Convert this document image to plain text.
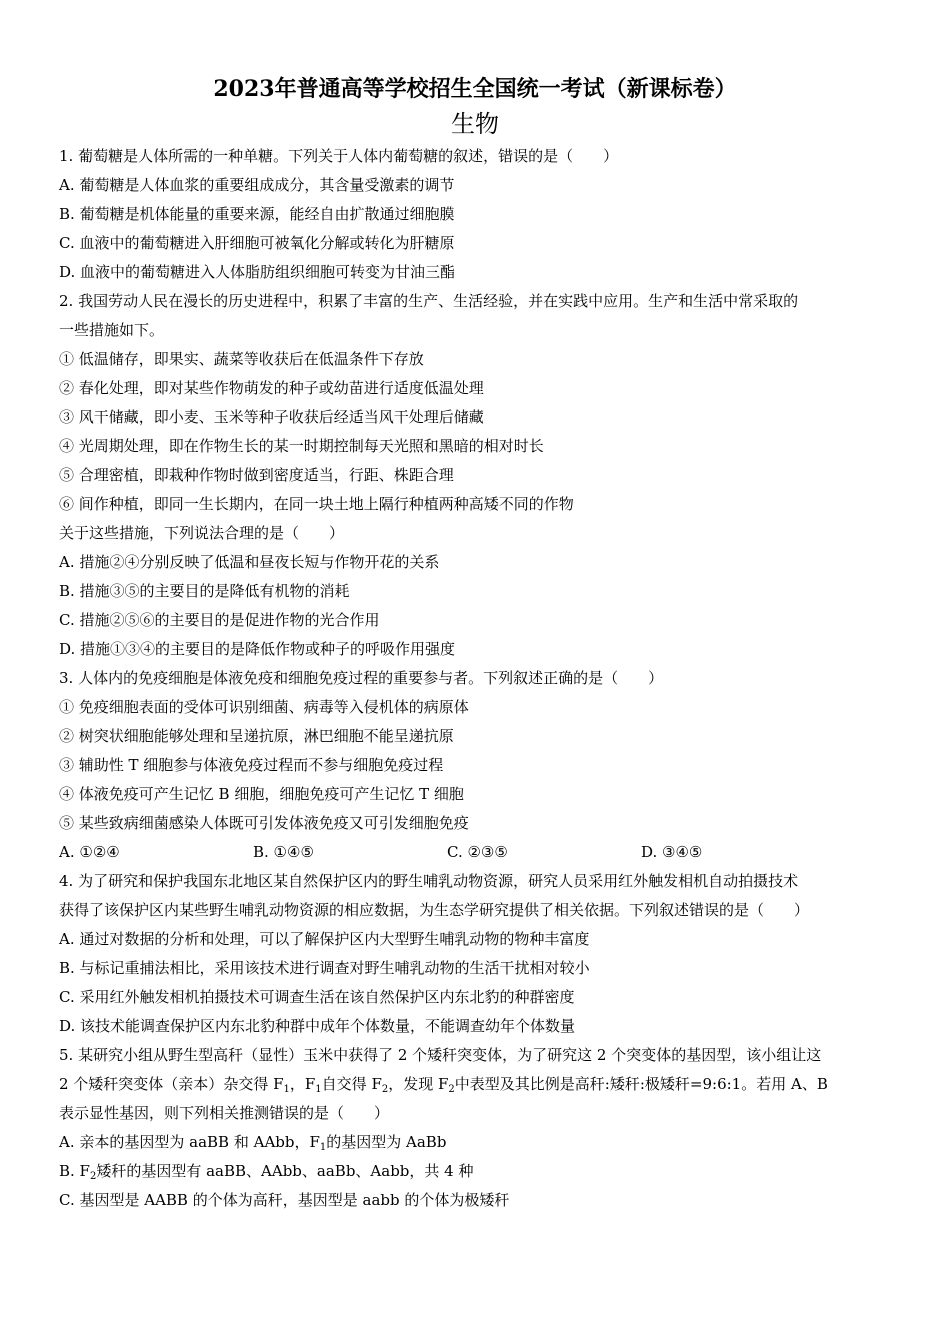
2023年普通高等学校招生全国统一考试（新课标卷）
生物
1. 葡萄糖是人体所需的一种单糖。下列关于人体内葡萄糖的叙述，错误的是（　　）
A. 葡萄糖是人体血浆的重要组成成分，其含量受激素的调节
B. 葡萄糖是机体能量的重要来源，能经自由扩散通过细胞膜
C. 血液中的葡萄糖进入肝细胞可被氧化分解或转化为肝糖原
D. 血液中的葡萄糖进入人体脂肪组织细胞可转变为甘油三酯
2. 我国劳动人民在漫长的历史进程中，积累了丰富的生产、生活经验，并在实践中应用。生产和生活中常采取的
一些措施如下。
① 低温储存，即果实、蔬菜等收获后在低温条件下存放
② 春化处理，即对某些作物萌发的种子或幼苗进行适度低温处理
③ 风干储藏，即小麦、玉米等种子收获后经适当风干处理后储藏
④ 光周期处理，即在作物生长的某一时期控制每天光照和黑暗的相对时长
⑤ 合理密植，即栽种作物时做到密度适当，行距、株距合理
⑥ 间作种植，即同一生长期内，在同一块土地上隔行种植两种高矮不同的作物
关于这些措施，下列说法合理的是（　　）
A. 措施②④分别反映了低温和昼夜长短与作物开花的关系
B. 措施③⑤的主要目的是降低有机物的消耗
C. 措施②⑤⑥的主要目的是促进作物的光合作用
D. 措施①③④的主要目的是降低作物或种子的呼吸作用强度
3. 人体内的免疫细胞是体液免疫和细胞免疫过程的重要参与者。下列叙述正确的是（　　）
① 免疫细胞表面的受体可识别细菌、病毒等入侵机体的病原体
② 树突状细胞能够处理和呈递抗原，淋巴细胞不能呈递抗原
③ 辅助性 T 细胞参与体液免疫过程而不参与细胞免疫过程
④ 体液免疫可产生记忆 B 细胞，细胞免疫可产生记忆 T 细胞
⑤ 某些致病细菌感染人体既可引发体液免疫又可引发细胞免疫
A. ①②④	B. ①④⑤	C. ②③⑤	D. ③④⑤
4. 为了研究和保护我国东北地区某自然保护区内的野生哺乳动物资源，研究人员采用红外触发相机自动拍摄技术
获得了该保护区内某些野生哺乳动物资源的相应数据，为生态学研究提供了相关依据。下列叙述错误的是（　　）
A. 通过对数据的分析和处理，可以了解保护区内大型野生哺乳动物的物种丰富度
B. 与标记重捕法相比，采用该技术进行调查对野生哺乳动物的生活干扰相对较小
C. 采用红外触发相机拍摄技术可调查生活在该自然保护区内东北豹的种群密度
D. 该技术能调查保护区内东北豹种群中成年个体数量，不能调查幼年个体数量
5. 某研究小组从野生型高秆（显性）玉米中获得了 2 个矮秆突变体，为了研究这 2 个突变体的基因型，该小组让这
2 个矮秆突变体（亲本）杂交得 $F_1$，$F_1$自交得 $F_2$，发现 $F_2$中表型及其比例是高秆:矮秆:极矮秆=9:6:1。若用 A、B
表示显性基因，则下列相关推测错误的是（　　）
A. 亲本的基因型为 aaBB 和 AAbb，$F_1$的基因型为 AaBb
B. $F_2$矮秆的基因型有 aaBB、AAbb、aaBb、Aabb，共 4 种
C. 基因型是 AABB 的个体为高秆，基因型是 aabb 的个体为极矮秆
